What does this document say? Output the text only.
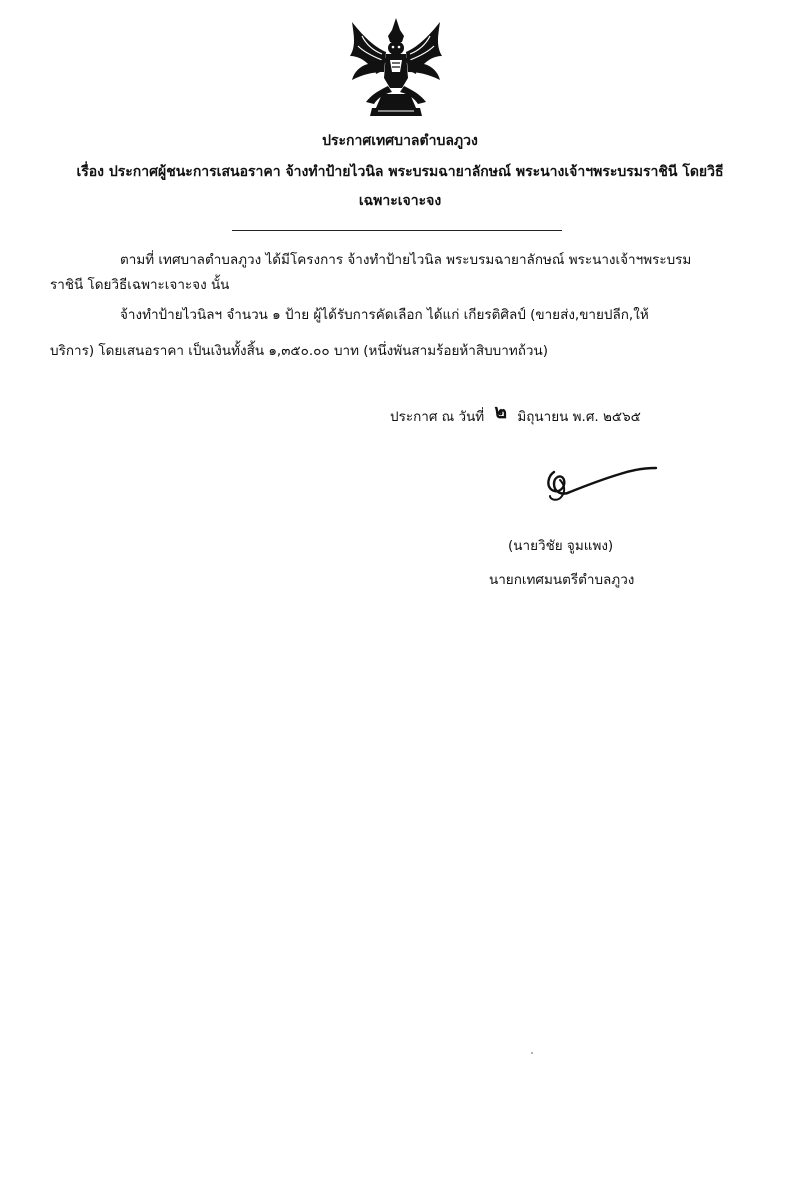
ประกาศเทศบาลตำบลภูวง
เรื่อง ประกาศผู้ชนะการเสนอราคา จ้างทำป้ายไวนิล พระบรมฉายาลักษณ์ พระนางเจ้าฯพระบรมราชินี โดยวิธี
เฉพาะเจาะจง
ตามที่ เทศบาลตำบลภูวง ได้มีโครงการ จ้างทำป้ายไวนิล พระบรมฉายาลักษณ์ พระนางเจ้าฯพระบรม
ราชินี โดยวิธีเฉพาะเจาะจง นั้น
จ้างทำป้ายไวนิลฯ จำนวน ๑ ป้าย ผู้ได้รับการคัดเลือก ได้แก่ เกียรติศิลป์ (ขายส่ง,ขายปลีก,ให้
บริการ) โดยเสนอราคา เป็นเงินทั้งสิ้น ๑,๓๕๐.๐๐ บาท (หนึ่งพันสามร้อยห้าสิบบาทถ้วน)
ประกาศ ณ วันที่ ๒ มิถุนายน พ.ศ. ๒๕๖๕
(นายวิชัย จูมแพง)
นายกเทศมนตรีตำบลภูวง
